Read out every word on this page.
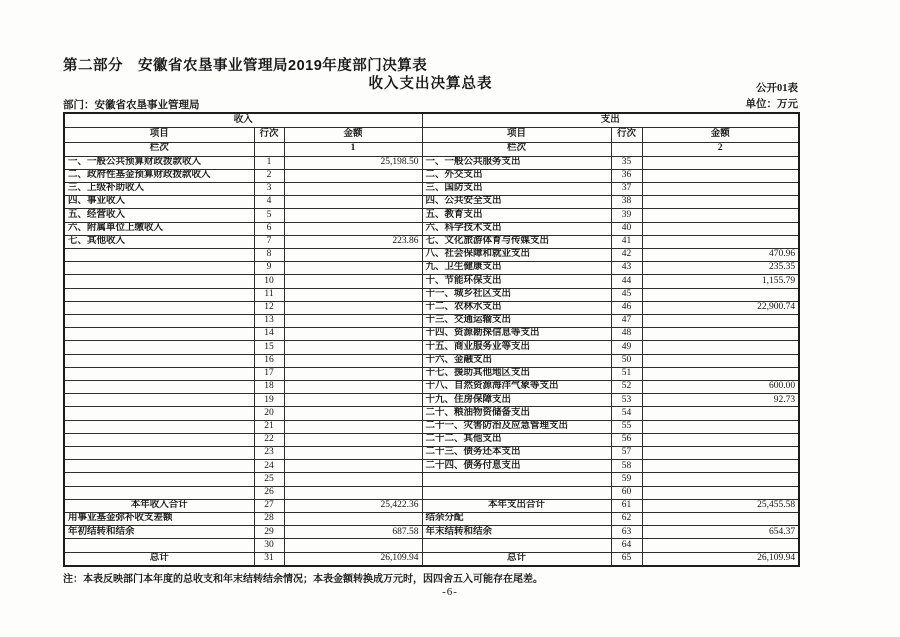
第二部分　安徽省农垦事业管理局2019年度部门决算表
收入支出决算总表	公开01表
部门：安徽省农垦事业管理局	单位：万元
收入			支出		
项目	行次	金额	项目	行次	金额
栏次		1	栏次		2
一、一般公共预算财政拨款收入	1	25,198.50	一、一般公共服务支出	35	
二、政府性基金预算财政拨款收入	2		二、外交支出	36	
三、上级补助收入	3		三、国防支出	37	
四、事业收入	4		四、公共安全支出	38	
五、经营收入	5		五、教育支出	39	
六、附属单位上缴收入	6		六、科学技术支出	40	
七、其他收入	7	223.86	七、文化旅游体育与传媒支出	41	
	8		八、社会保障和就业支出	42	470.96
	9		九、卫生健康支出	43	235.35
	10		十、节能环保支出	44	1,155.79
	11		十一、城乡社区支出	45	
	12		十二、农林水支出	46	22,900.74
	13		十三、交通运输支出	47	
	14		十四、资源勘探信息等支出	48	
	15		十五、商业服务业等支出	49	
	16		十六、金融支出	50	
	17		十七、援助其他地区支出	51	
	18		十八、自然资源海洋气象等支出	52	600.00
	19		十九、住房保障支出	53	92.73
	20		二十、粮油物资储备支出	54	
	21		二十一、灾害防治及应急管理支出	55	
	22		二十二、其他支出	56	
	23		二十三、债务还本支出	57	
	24		二十四、债务付息支出	58	
	25			59	
	26			60	
本年收入合计	27	25,422.36	本年支出合计	61	25,455.58
用事业基金弥补收支差额	28		结余分配	62	
年初结转和结余	29	687.58	年末结转和结余	63	654.37
	30			64	
总计	31	26,109.94	总计	65	26,109.94
注：本表反映部门本年度的总收支和年末结转结余情况；本表金额转换成万元时，因四舍五入可能存在尾差。
-6-
